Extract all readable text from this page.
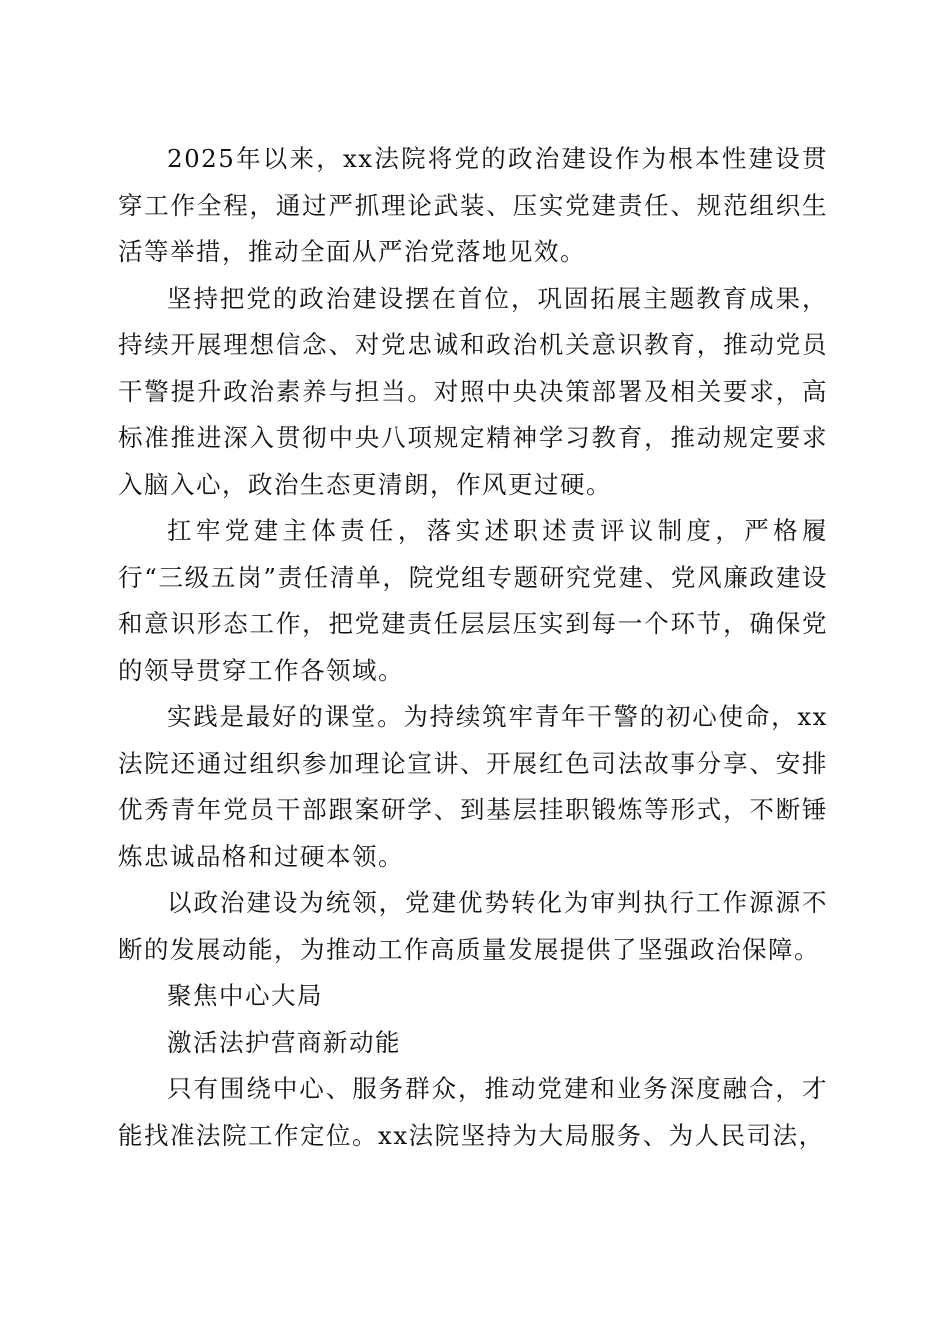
2025年以来，xx法院将党的政治建设作为根本性建设贯穿工作全程，通过严抓理论武装、压实党建责任、规范组织生活等举措，推动全面从严治党落地见效。

坚持把党的政治建设摆在首位，巩固拓展主题教育成果，持续开展理想信念、对党忠诚和政治机关意识教育，推动党员干警提升政治素养与担当。对照中央决策部署及相关要求，高标准推进深入贯彻中央八项规定精神学习教育，推动规定要求入脑入心，政治生态更清朗，作风更过硬。

扛牢党建主体责任，落实述职述责评议制度，严格履行“三级五岗”责任清单，院党组专题研究党建、党风廉政建设和意识形态工作，把党建责任层层压实到每一个环节，确保党的领导贯穿工作各领域。

实践是最好的课堂。为持续筑牢青年干警的初心使命，xx法院还通过组织参加理论宣讲、开展红色司法故事分享、安排优秀青年党员干部跟案研学、到基层挂职锻炼等形式，不断锤炼忠诚品格和过硬本领。

以政治建设为统领，党建优势转化为审判执行工作源源不断的发展动能，为推动工作高质量发展提供了坚强政治保障。

聚焦中心大局

激活法护营商新动能

只有围绕中心、服务群众，推动党建和业务深度融合，才能找准法院工作定位。xx法院坚持为大局服务、为人民司法，
